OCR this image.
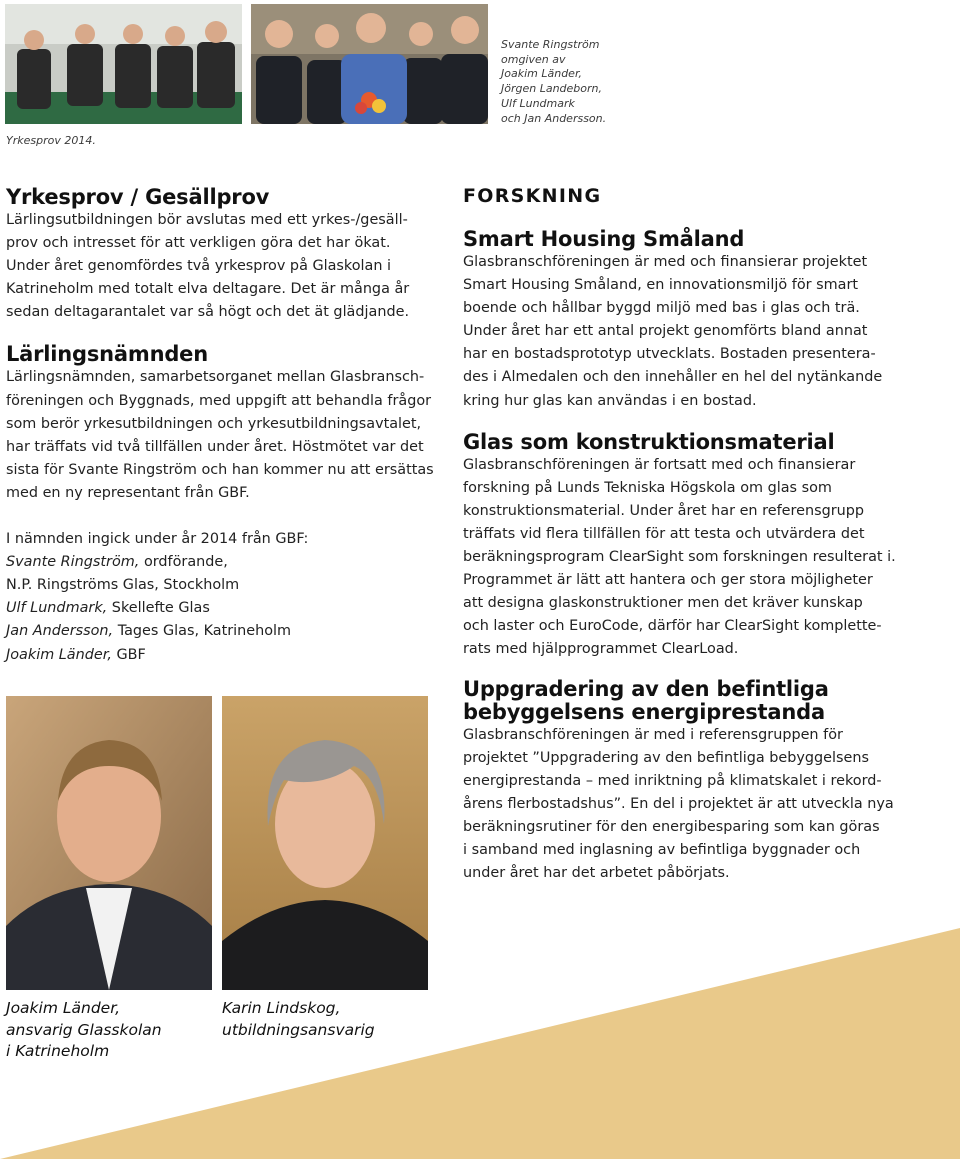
Svante Ringström
omgiven av
Joakim Länder,
Jörgen Landeborn,
Ulf Lundmark
och Jan Andersson.
Yrkesprov 2014.
Yrkesprov / Gesällprov
Lärlingsutbildningen bör avslutas med ett yrkes-/gesäll-
prov och intresset för att verkligen göra det har ökat.
Under året genomfördes två yrkesprov på Glaskolan i
Katrineholm med totalt elva deltagare. Det är många år
sedan deltagarantalet var så högt och det ät glädjande.
Lärlingsnämnden
Lärlingsnämnden, samarbetsorganet mellan Glasbransch-
föreningen och Byggnads, med uppgift att behandla frågor
som berör yrkesutbildningen och yrkesutbildningsavtalet,
har träffats vid två tillfällen under året. Höstmötet var det
sista för Svante Ringström och han kommer nu att ersättas
med en ny representant från GBF.
I nämnden ingick under år 2014 från GBF:
Svante Ringström, ordförande,
N.P. Ringströms Glas, Stockholm
Ulf Lundmark, Skellefte Glas
Jan Andersson, Tages Glas, Katrineholm
Joakim Länder, GBF
Joakim Länder,
ansvarig Glasskolan
i Katrineholm
Karin Lindskog,
utbildningsansvarig
FORSKNING
Smart Housing Småland
Glasbranschföreningen är med och finansierar projektet
Smart Housing Småland, en innovationsmiljö för smart
boende och hållbar byggd miljö med bas i glas och trä.
Under året har ett antal projekt genomförts bland annat
har en bostadsprototyp utvecklats. Bostaden presentera-
des i Almedalen och den innehåller en hel del nytänkande
kring hur glas kan användas i en bostad.
Glas som konstruktionsmaterial
Glasbranschföreningen är fortsatt med och finansierar
forskning på Lunds Tekniska Högskola om glas som
konstruktionsmaterial. Under året har en referensgrupp
träffats vid flera tillfällen för att testa och utvärdera det
beräkningsprogram ClearSight som forskningen resulterat i.
Programmet är lätt att hantera och ger stora möjligheter
att designa glaskonstruktioner men det kräver kunskap
och laster och EuroCode, därför har ClearSight komplette-
rats med hjälpprogrammet ClearLoad.
Uppgradering av den befintliga
bebyggelsens energiprestanda
Glasbranschföreningen är med i referensgruppen för
projektet ”Uppgradering av den befintliga bebyggelsens
energiprestanda – med inriktning på klimatskalet i rekord-
årens flerbostadshus”. En del i projektet är att utveckla nya
beräkningsrutiner för den energibesparing som kan göras
i samband med inglasning av befintliga byggnader och
under året har det arbetet påbörjats.
